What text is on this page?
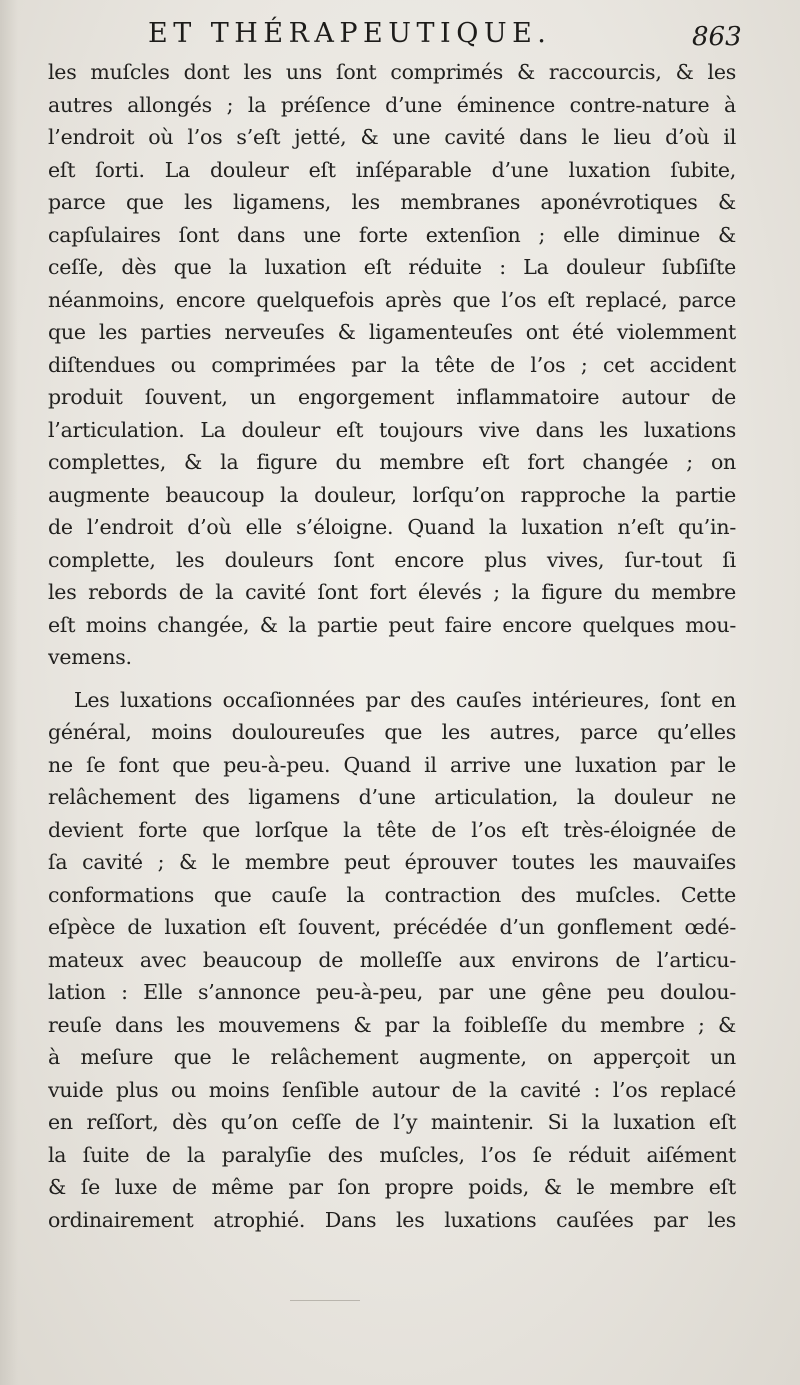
ET THÉRAPEUTIQUE.	863
les muſcles dont les uns ſont comprimés & raccourcis, & les
autres allongés ; la préſence d’une éminence contre-nature à
l’endroit où l’os s’eſt jetté, & une cavité dans le lieu d’où il
eſt ſorti. La douleur eſt inſéparable d’une luxation ſubite,
parce que les ligamens, les membranes aponévrotiques &
capſulaires ſont dans une forte extenſion ; elle diminue &
ceſſe, dès que la luxation eſt réduite : La douleur ſubſiſte
néanmoins, encore quelquefois après que l’os eſt replacé, parce
que les parties nerveuſes & ligamenteuſes ont été violemment
diſtendues ou comprimées par la tête de l’os ; cet accident
produit ſouvent, un engorgement inflammatoire autour de
l’articulation. La douleur eſt toujours vive dans les luxations
complettes, & la figure du membre eſt fort changée ; on
augmente beaucoup la douleur, lorſqu’on rapproche la partie
de l’endroit d’où elle s’éloigne. Quand la luxation n’eſt qu’in-
complette, les douleurs ſont encore plus vives, ſur-tout ſi
les rebords de la cavité ſont fort élevés ; la figure du membre
eſt moins changée, & la partie peut faire encore quelques mou-
vemens.
Les luxations occaſionnées par des cauſes intérieures, ſont en
général, moins douloureuſes que les autres, parce qu’elles
ne ſe font que peu-à-peu. Quand il arrive une luxation par le
relâchement des ligamens d’une articulation, la douleur ne
devient forte que lorſque la tête de l’os eſt très-éloignée de
ſa cavité ; & le membre peut éprouver toutes les mauvaiſes
conformations que cauſe la contraction des muſcles. Cette
eſpèce de luxation eſt ſouvent, précédée d’un gonflement œdé-
mateux avec beaucoup de molleſſe aux environs de l’articu-
lation : Elle s’annonce peu-à-peu, par une gêne peu doulou-
reuſe dans les mouvemens & par la foibleſſe du membre ; &
à meſure que le relâchement augmente, on apperçoit un
vuide plus ou moins ſenſible autour de la cavité : l’os replacé
en reſſort, dès qu’on ceſſe de l’y maintenir. Si la luxation eſt
la ſuite de la paralyſie des muſcles, l’os ſe réduit aiſément
& ſe luxe de même par ſon propre poids, & le membre eſt
ordinairement atrophié. Dans les luxations cauſées par les
